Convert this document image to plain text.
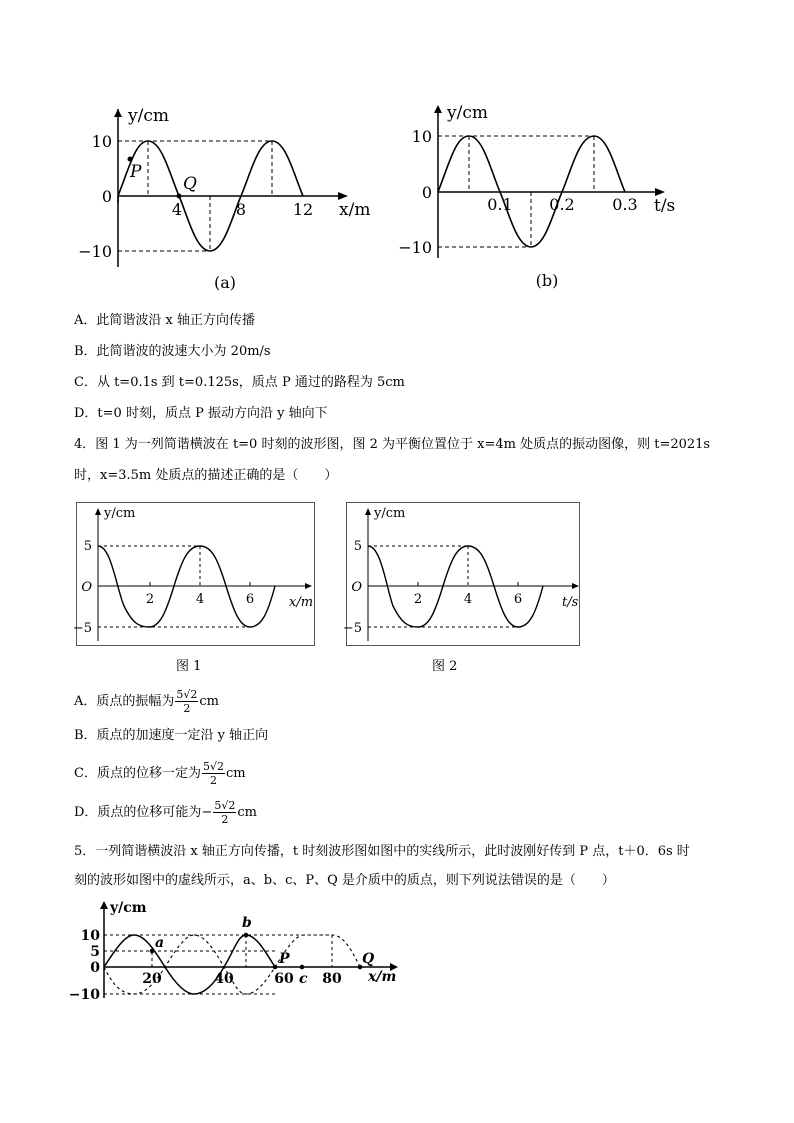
P
Q
y/cm
x/m
10
0
−10
4	8	12
(a)
y/cm
t/s
10
0
−10
0.1 0.2 0.3
(b)
A．此简谐波沿 x 轴正方向传播
B．此简谐波的波速大小为 20m/s
C．从 t=0.1s 到 t=0.125s，质点 P 通过的路程为 5cm
D．t=0 时刻，质点 P 振动方向沿 y 轴向下
4．图 1 为一列简谐横波在 t=0 时刻的波形图，图 2 为平衡位置位于 x=4m 处质点的振动图像，则 t=2021s
时，x=3.5m 处质点的描述正确的是（　　）
y/cm
x/m
5
O
−5
2	4	6
图 1
y/cm
t/s
5
O
−5
2	4	6
图 2
A．质点的振幅为 $\frac{5√2}{2}$ cm
B．质点的加速度一定沿 y 轴正向
C．质点的位移一定为 $\frac{5√2}{2}$ cm
D．质点的位移可能为− $\frac{5√2}{2}$ cm
5．一列简谐横波沿 x 轴正方向传播，t 时刻波形图如图中的实线所示，此时波刚好传到 P 点，t＋0．6s 时
刻的波形如图中的虚线所示，a、b、c、P、Q 是介质中的质点，则下列说法错误的是（　　）
a
b
P
c
Q
y/cm
x/m
10
5
0
−10
20	40	60 80
